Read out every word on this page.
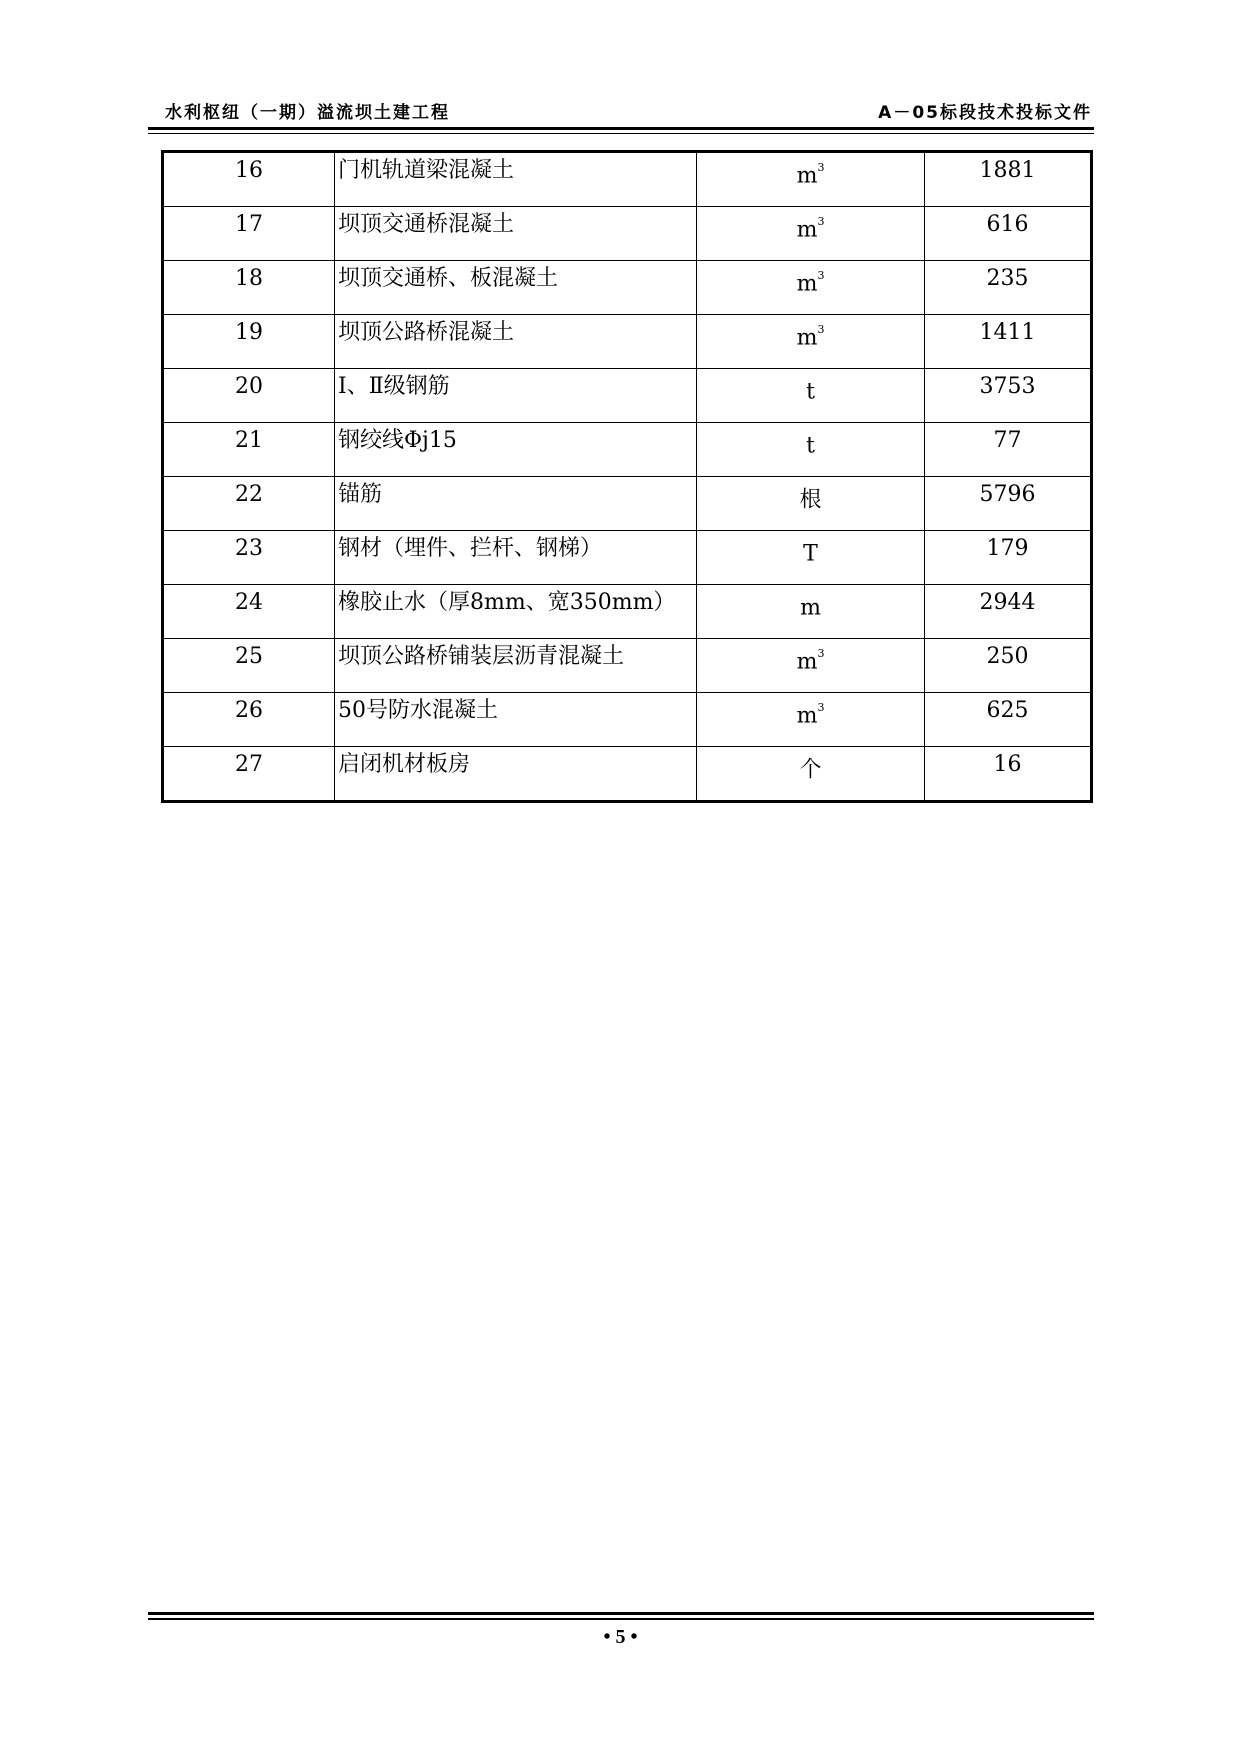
水利枢纽（一期）溢流坝土建工程	A－05标段技术投标文件
16	门机轨道梁混凝土	$m^3$	1881
17	坝顶交通桥混凝土	$m^3$	616
18	坝顶交通桥、板混凝土	$m^3$	235
19	坝顶公路桥混凝土	$m^3$	1411
20	Ⅰ、Ⅱ级钢筋	t	3753
21	钢绞线Φj15	t	77
22	锚筋	根	5796
23	钢材（埋件、拦杆、钢梯）	T	179
24	橡胶止水（厚8mm、宽350mm）	m	2944
25	坝顶公路桥铺装层沥青混凝土	$m^3$	250
26	50号防水混凝土	$m^3$	625
27	启闭机材板房	个	16
• 5 •
